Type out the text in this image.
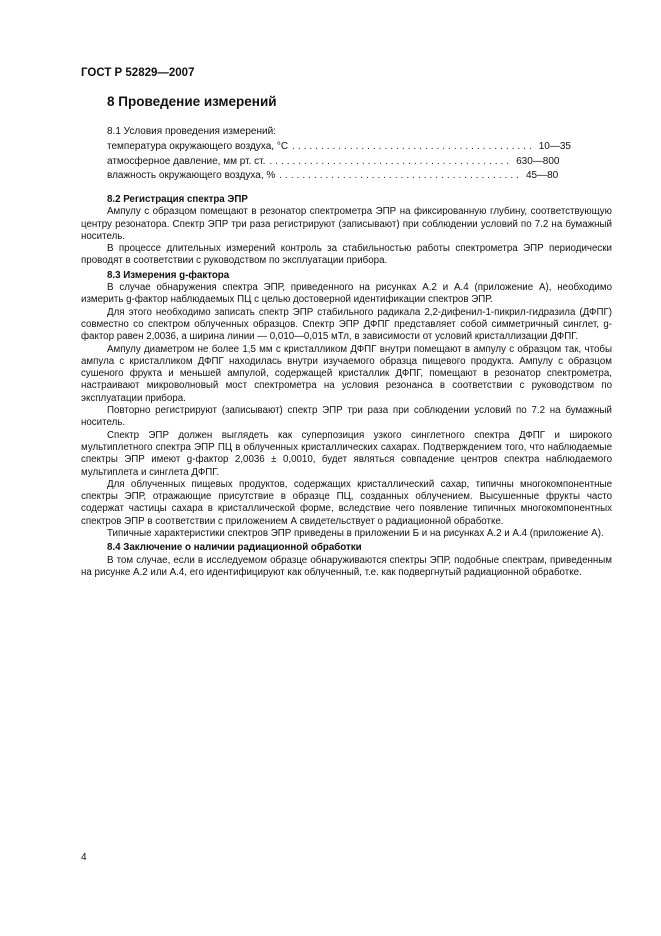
ГОСТ Р 52829—2007
8 Проведение измерений
8.1 Условия проведения измерений:
температура окружающего воздуха, °C .......................................... 10—35
атмосферное давление, мм рт. ст. .......................................... 630—800
влажность окружающего воздуха, % .......................................... 45—80

8.2 Регистрация спектра ЭПР

Ампулу с образцом помещают в резонатор спектрометра ЭПР на фиксированную глубину, соответствующую центру резонатора. Спектр ЭПР три раза регистрируют (записывают) при соблюдении условий по 7.2 на бумажный носитель.

В процессе длительных измерений контроль за стабильностью работы спектрометра ЭПР периодически проводят в соответствии с руководством по эксплуатации прибора.

8.3 Измерения g-фактора

В случае обнаружения спектра ЭПР, приведенного на рисунках А.2 и А.4 (приложение А), необходимо измерить g-фактор наблюдаемых ПЦ с целью достоверной идентификации спектров ЭПР.

Для этого необходимо записать спектр ЭПР стабильного радикала 2,2-дифенил-1-пикрил-гидразила (ДФПГ) совместно со спектром облученных образцов. Спектр ЭПР ДФПГ представляет собой симметричный синглет, g-фактор равен 2,0036, а ширина линии — 0,010—0,015 мТл, в зависимости от условий кристаллизации ДФПГ.

Ампулу диаметром не более 1,5 мм с кристалликом ДФПГ внутри помещают в ампулу с образцом так, чтобы ампула с кристалликом ДФПГ находилась внутри изучаемого образца пищевого продукта. Ампулу с образцом сушеного фрукта и меньшей ампулой, содержащей кристаллик ДФПГ, помещают в резонатор спектрометра, настраивают микроволновый мост спектрометра на условия резонанса в соответствии с руководством по эксплуатации прибора.

Повторно регистрируют (записывают) спектр ЭПР три раза при соблюдении условий по 7.2 на бумажный носитель.

Спектр ЭПР должен выглядеть как суперпозиция узкого синглетного спектра ДФПГ и широкого мультиплетного спектра ЭПР ПЦ в облученных кристаллических сахарах. Подтверждением того, что наблюдаемые спектры ЭПР имеют g-фактор 2,0036 ± 0,0010, будет являться совпадение центров спектра наблюдаемого мультиплета и синглета ДФПГ.

Для облученных пищевых продуктов, содержащих кристаллический сахар, типичны многокомпонентные спектры ЭПР, отражающие присутствие в образце ПЦ, созданных облучением. Высушенные фрукты часто содержат частицы сахара в кристаллической форме, вследствие чего появление типичных многокомпонентных спектров ЭПР в соответствии с приложением А свидетельствует о радиационной обработке.

Типичные характеристики спектров ЭПР приведены в приложении Б и на рисунках А.2 и А.4 (приложение А).

8.4 Заключение о наличии радиационной обработки

В том случае, если в исследуемом образце обнаруживаются спектры ЭПР, подобные спектрам, приведенным на рисунке А.2 или А.4, его идентифицируют как облученный, т.е. как подвергнутый радиационной обработке.

4
